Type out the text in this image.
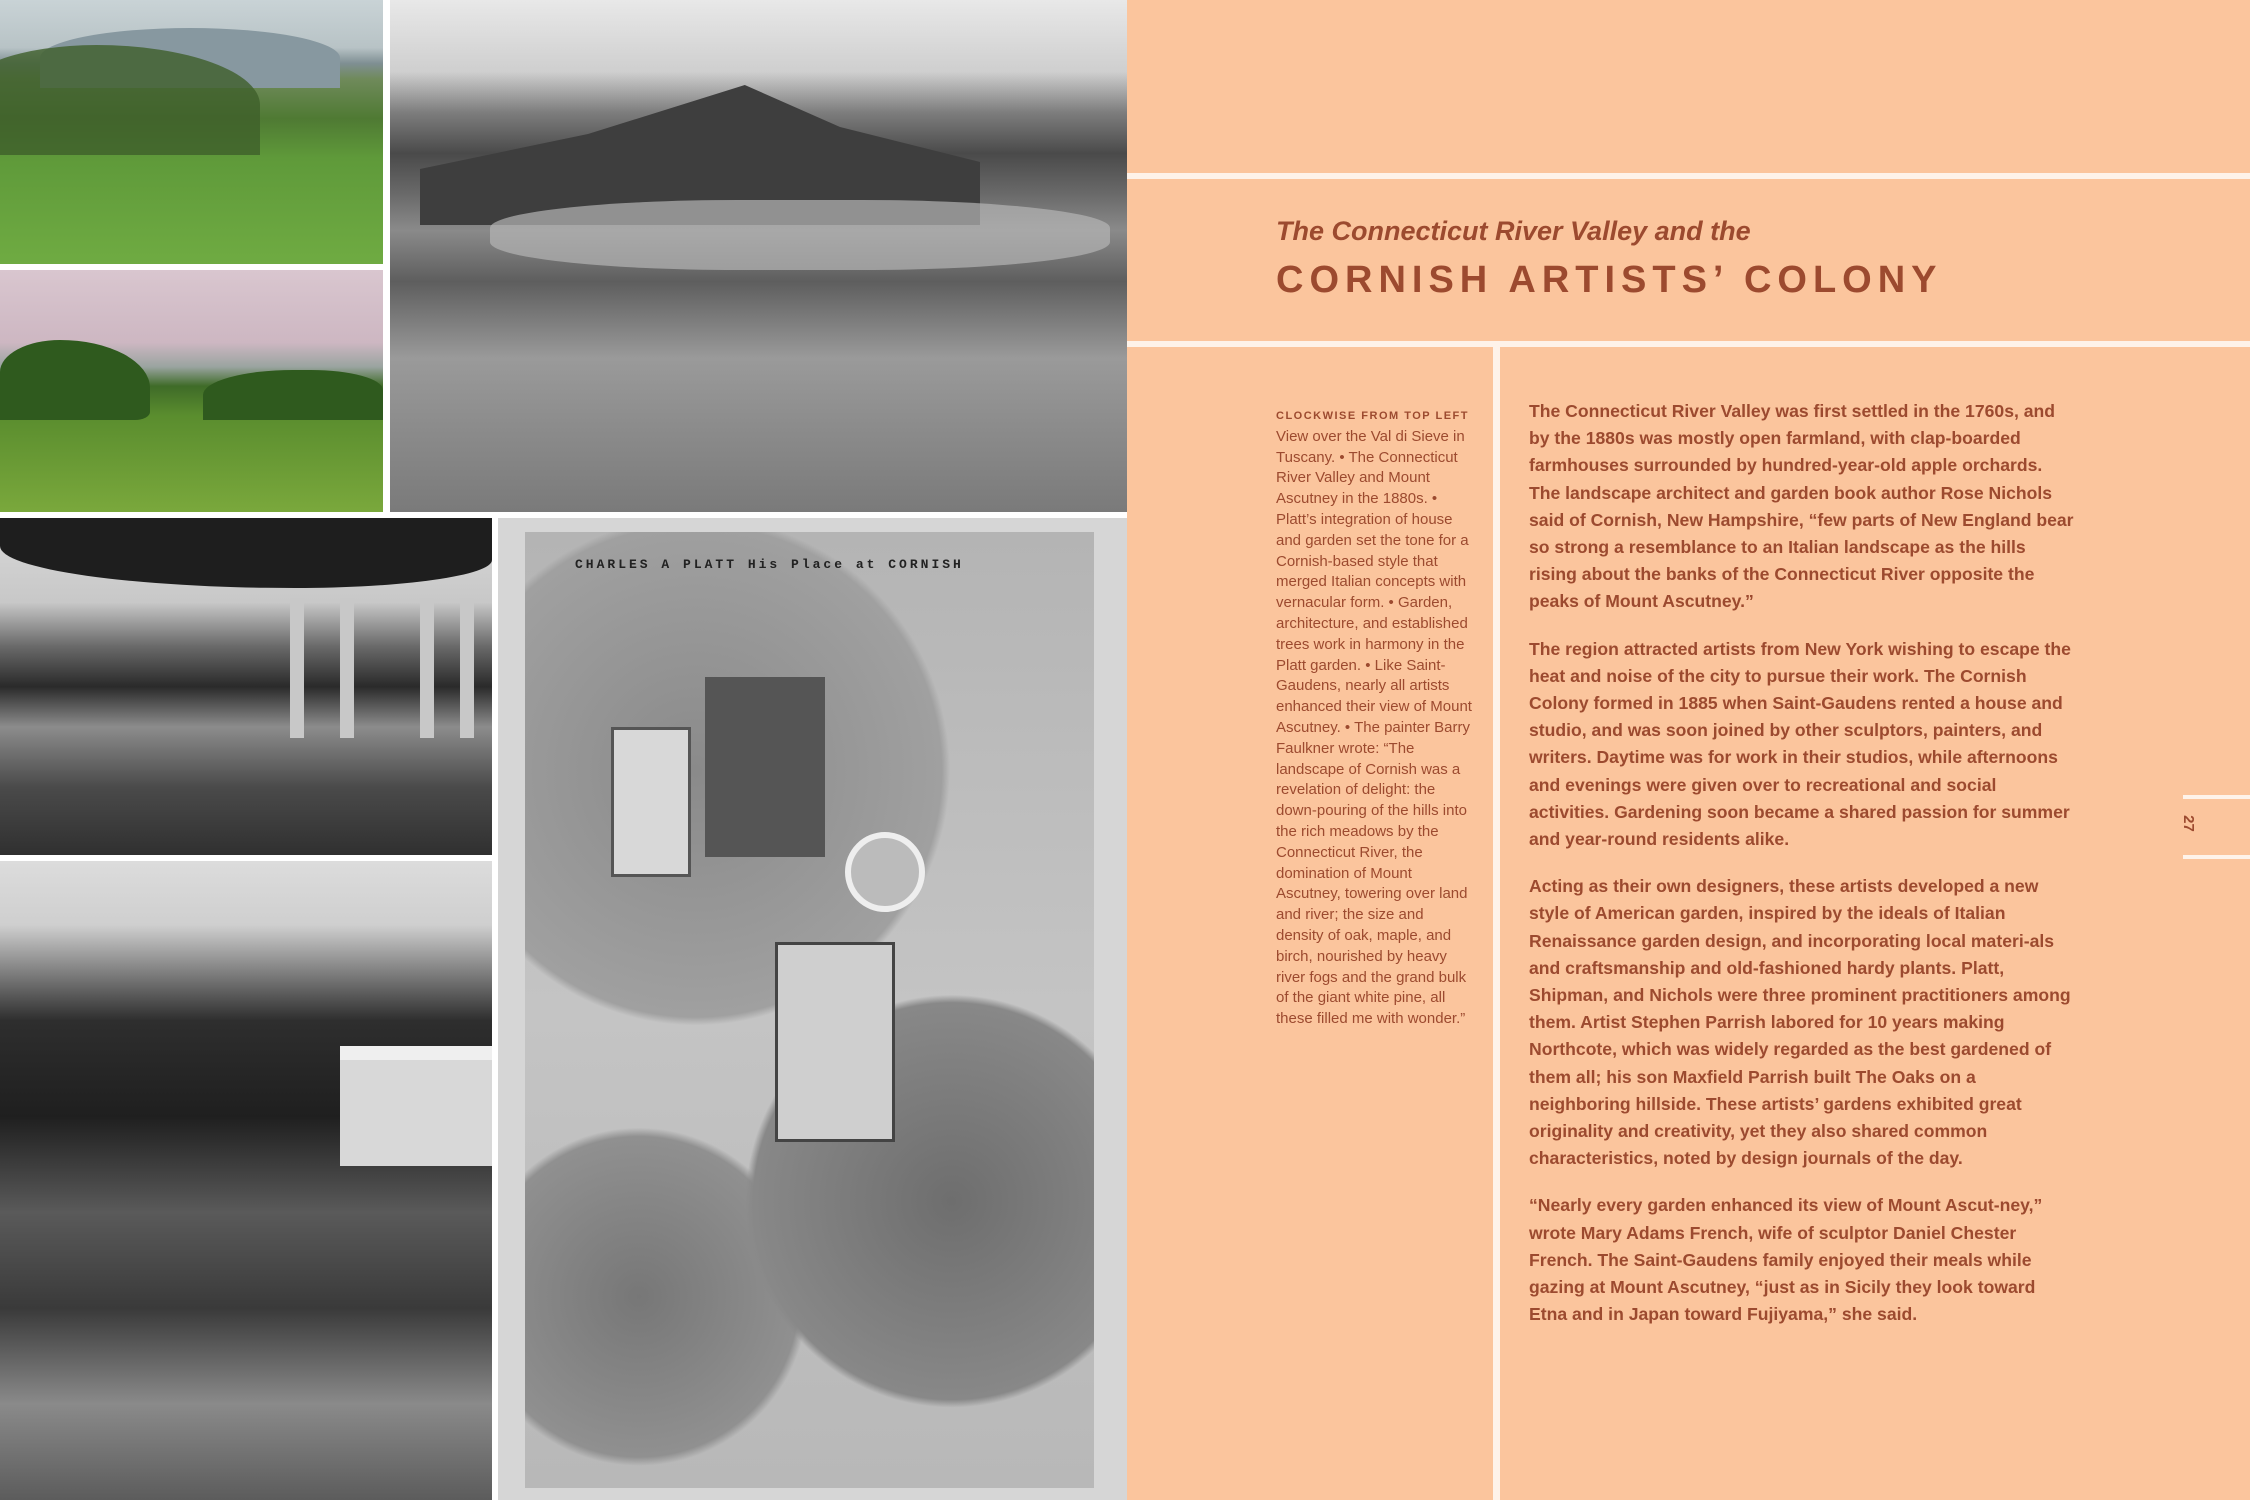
CHARLES A PLATT His Place at CORNISH
The Connecticut River Valley and the
CORNISH ARTISTS’ COLONY
CLOCKWISE FROM TOP LEFT View over the Val di Sieve in Tuscany. • The Connecticut River Valley and Mount Ascutney in the 1880s. • Platt’s integration of house and garden set the tone for a Cornish-based style that merged Italian concepts with vernacular form. • Garden, architecture, and established trees work in harmony in the Platt garden. • Like Saint-Gaudens, nearly all artists enhanced their view of Mount Ascutney. • The painter Barry Faulkner wrote: “The landscape of Cornish was a revelation of delight: the down-pouring of the hills into the rich meadows by the Connecticut River, the domination of Mount Ascutney, towering over land and river; the size and density of oak, maple, and birch, nourished by heavy river fogs and the grand bulk of the giant white pine, all these filled me with wonder.”

The Connecticut River Valley was first settled in the 1760s, and by the 1880s was mostly open farmland, with clap-boarded farmhouses surrounded by hundred-year-old apple orchards. The landscape architect and garden book author Rose Nichols said of Cornish, New Hampshire, “few parts of New England bear so strong a resemblance to an Italian landscape as the hills rising about the banks of the Connecticut River opposite the peaks of Mount Ascutney.”

The region attracted artists from New York wishing to escape the heat and noise of the city to pursue their work. The Cornish Colony formed in 1885 when Saint-Gaudens rented a house and studio, and was soon joined by other sculptors, painters, and writers. Daytime was for work in their studios, while afternoons and evenings were given over to recreational and social activities. Gardening soon became a shared passion for summer and year-round residents alike.

Acting as their own designers, these artists developed a new style of American garden, inspired by the ideals of Italian Renaissance garden design, and incorporating local materi-als and craftsmanship and old-fashioned hardy plants. Platt, Shipman, and Nichols were three prominent practitioners among them. Artist Stephen Parrish labored for 10 years making Northcote, which was widely regarded as the best gardened of them all; his son Maxfield Parrish built The Oaks on a neighboring hillside. These artists’ gardens exhibited great originality and creativity, yet they also shared common characteristics, noted by design journals of the day.

“Nearly every garden enhanced its view of Mount Ascut-ney,” wrote Mary Adams French, wife of sculptor Daniel Chester French. The Saint-Gaudens family enjoyed their meals while gazing at Mount Ascutney, “just as in Sicily they look toward Etna and in Japan toward Fujiyama,” she said.

27
